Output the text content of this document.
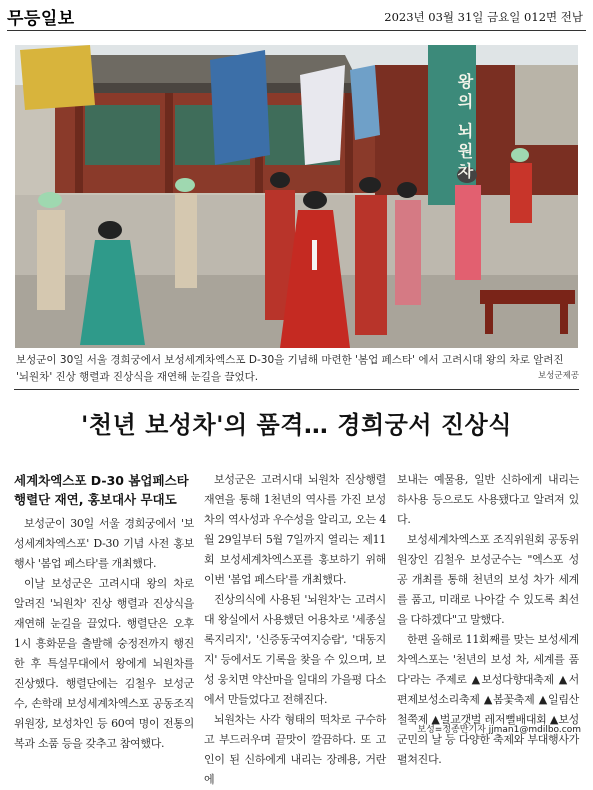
무등일보	2023년 03월 31일 금요일 012면 전남
왕의 뇌원차
보성군이 30일 서울 경희궁에서 보성세계차엑스포 D-30을 기념해 마련한 '봄업 페스타' 에서 고려시대 왕의 차로 알려진 '뇌원차' 진상 행렬과 진상식을 재연해 눈길을 끌었다.	보성군제공
'천년 보성차'의 품격… 경희궁서 진상식
세계차엑스포 D-30 봄업페스타
행렬단 재연, 홍보대사 무대도

보성군이 30일 서울 경희궁에서 '보성세계차엑스포' D-30 기념 사전 홍보행사 '봄업 페스타'를 개최했다.

이날 보성군은 고려시대 왕의 차로 알려진 '뇌원차' 진상 행렬과 진상식을 재연해 눈길을 끌었다. 행렬단은 오후 1시 흥화문을 출발해 숭정전까지 행진한 후 특설무대에서 왕에게 뇌원차를 진상했다. 행렬단에는 김철우 보성군수, 손학래 보성세계차엑스포 공동조직위원장, 보성차인 등 60여 명이 전통의복과 소품 등을 갖추고 참여했다.

보성군은 고려시대 뇌원차 진상행렬 재연을 통해 1천년의 역사를 가진 보성차의 역사성과 우수성을 알리고, 오는 4월 29일부터 5월 7일까지 열리는 제11회 보성세계차엑스포를 홍보하기 위해 이번 '봄업 페스타'를 개최했다.

진상의식에 사용된 '뇌원차'는 고려시대 왕실에서 사용했던 어용차로 '세종실록지리지', '신증동국여지승람', '대동지지' 등에서도 기록을 찾을 수 있으며, 보성 웅치면 약산마을 일대의 가을평 다소에서 만들었다고 전해진다.

뇌원차는 사각 형태의 떡차로 구수하고 부드러우며 끝맛이 깔끔하다. 또 고인이 된 신하에게 내리는 장례용, 거란에

보내는 예물용, 일반 신하에게 내리는 하사용 등으로도 사용됐다고 알려져 있다.

보성세계차엑스포 조직위원회 공동위원장인 김철우 보성군수는 "엑스포 성공 개최를 통해 천년의 보성 차가 세계를 품고, 미래로 나아갈 수 있도록 최선을 다하겠다"고 말했다.

한편 올해로 11회째를 맞는 보성세계차엑스포는 '천년의 보성 차, 세계를 품다'라는 주제로 ▲보성다향대축제 ▲서편제보성소리축제 ▲봄꽃축제 ▲일림산 철쭉제 ▲벌교갯벌 레저뻘배대회 ▲보성군민의 날 등 다양한 축제와 부대행사가 펼쳐진다.

보성=정종만기자 jjman1@mdilbo.com
